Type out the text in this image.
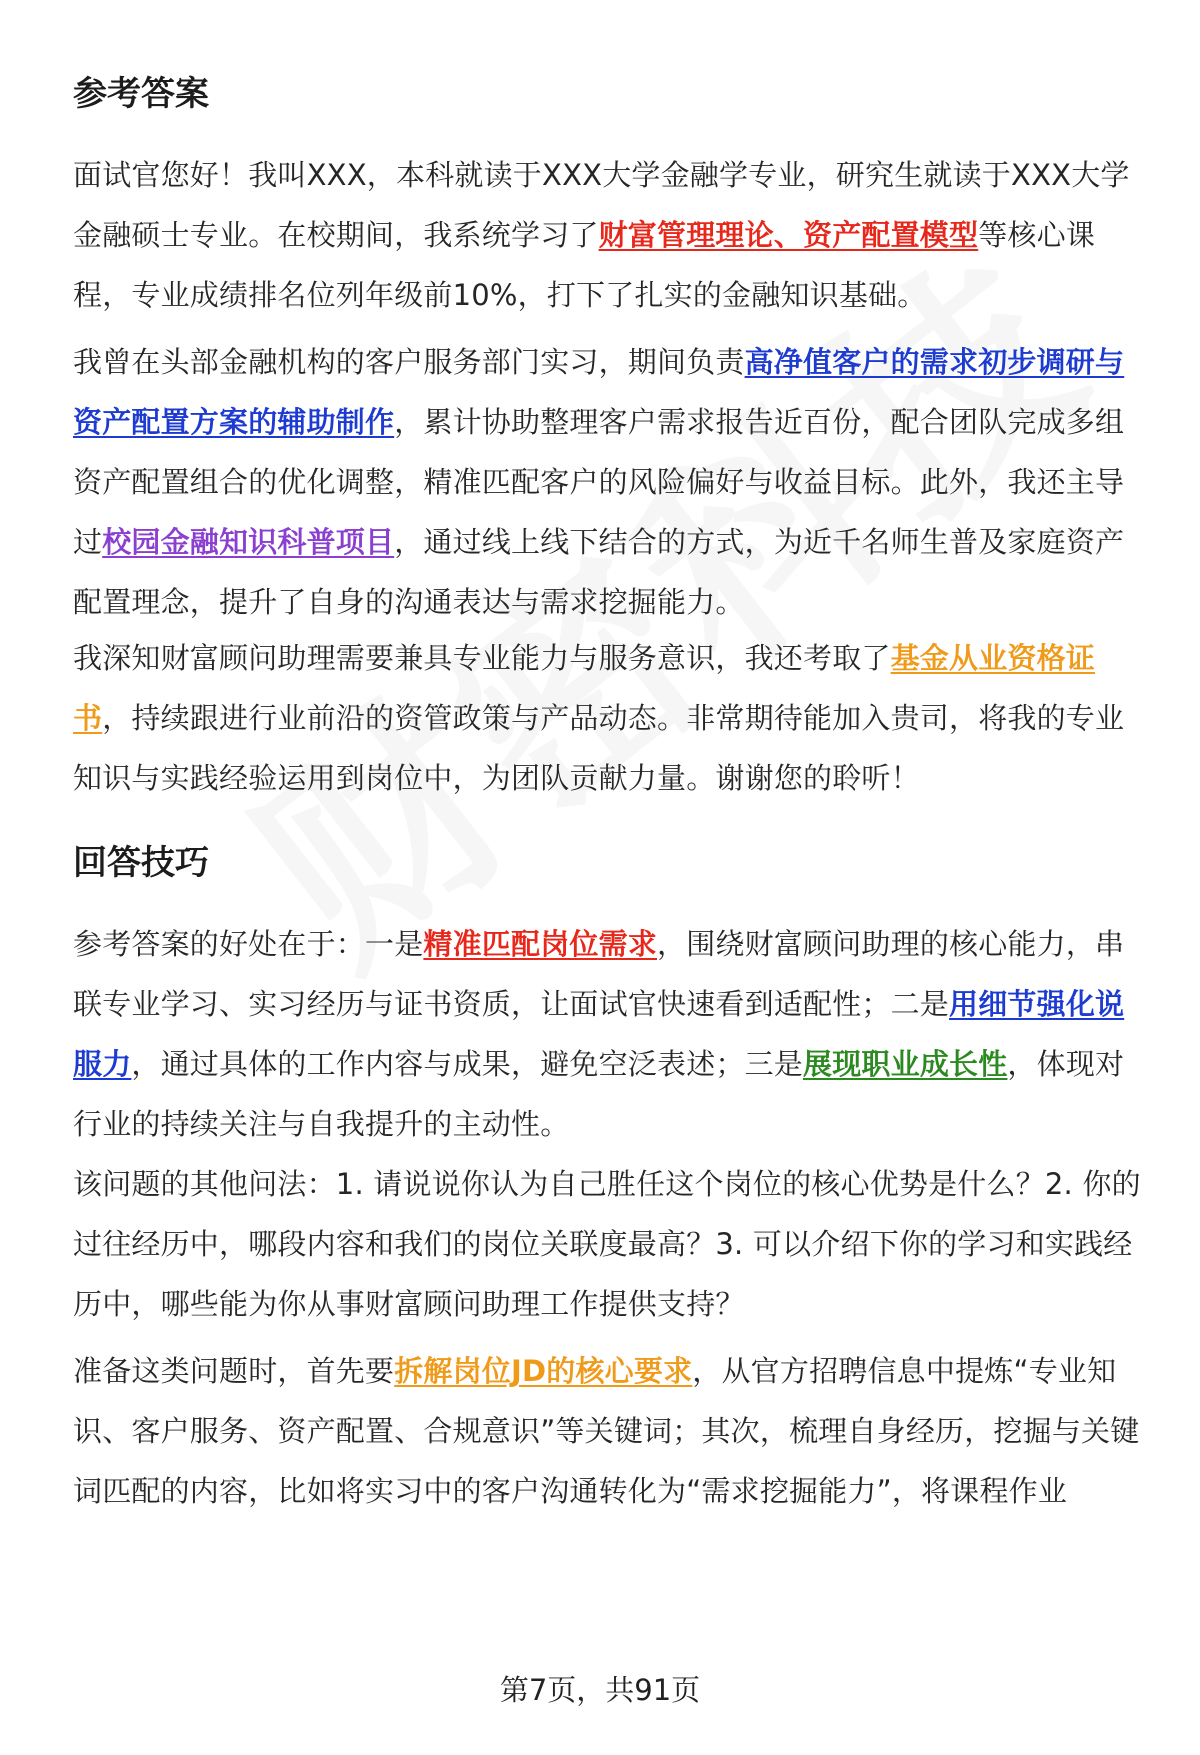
参考答案

面试官您好！我叫XXX，本科就读于XXX大学金融学专业，研究生就读于XXX大学金融硕士专业。在校期间，我系统学习了财富管理理论、资产配置模型等核心课程，专业成绩排名位列年级前10%，打下了扎实的金融知识基础。

我曾在头部金融机构的客户服务部门实习，期间负责高净值客户的需求初步调研与资产配置方案的辅助制作，累计协助整理客户需求报告近百份，配合团队完成多组资产配置组合的优化调整，精准匹配客户的风险偏好与收益目标。此外，我还主导过校园金融知识科普项目，通过线上线下结合的方式，为近千名师生普及家庭资产配置理念，提升了自身的沟通表达与需求挖掘能力。

我深知财富顾问助理需要兼具专业能力与服务意识，我还考取了基金从业资格证书，持续跟进行业前沿的资管政策与产品动态。非常期待能加入贵司，将我的专业知识与实践经验运用到岗位中，为团队贡献力量。谢谢您的聆听！

回答技巧

参考答案的好处在于：一是精准匹配岗位需求，围绕财富顾问助理的核心能力，串联专业学习、实习经历与证书资质，让面试官快速看到适配性；二是用细节强化说服力，通过具体的工作内容与成果，避免空泛表述；三是展现职业成长性，体现对行业的持续关注与自我提升的主动性。

该问题的其他问法：1. 请说说你认为自己胜任这个岗位的核心优势是什么？2. 你的过往经历中，哪段内容和我们的岗位关联度最高？3. 可以介绍下你的学习和实践经历中，哪些能为你从事财富顾问助理工作提供支持？

准备这类问题时，首先要拆解岗位JD的核心要求，从官方招聘信息中提炼“专业知识、客户服务、资产配置、合规意识”等关键词；其次，梳理自身经历，挖掘与关键词匹配的内容，比如将实习中的客户沟通转化为“需求挖掘能力”，将课程作业

第7页，共91页
